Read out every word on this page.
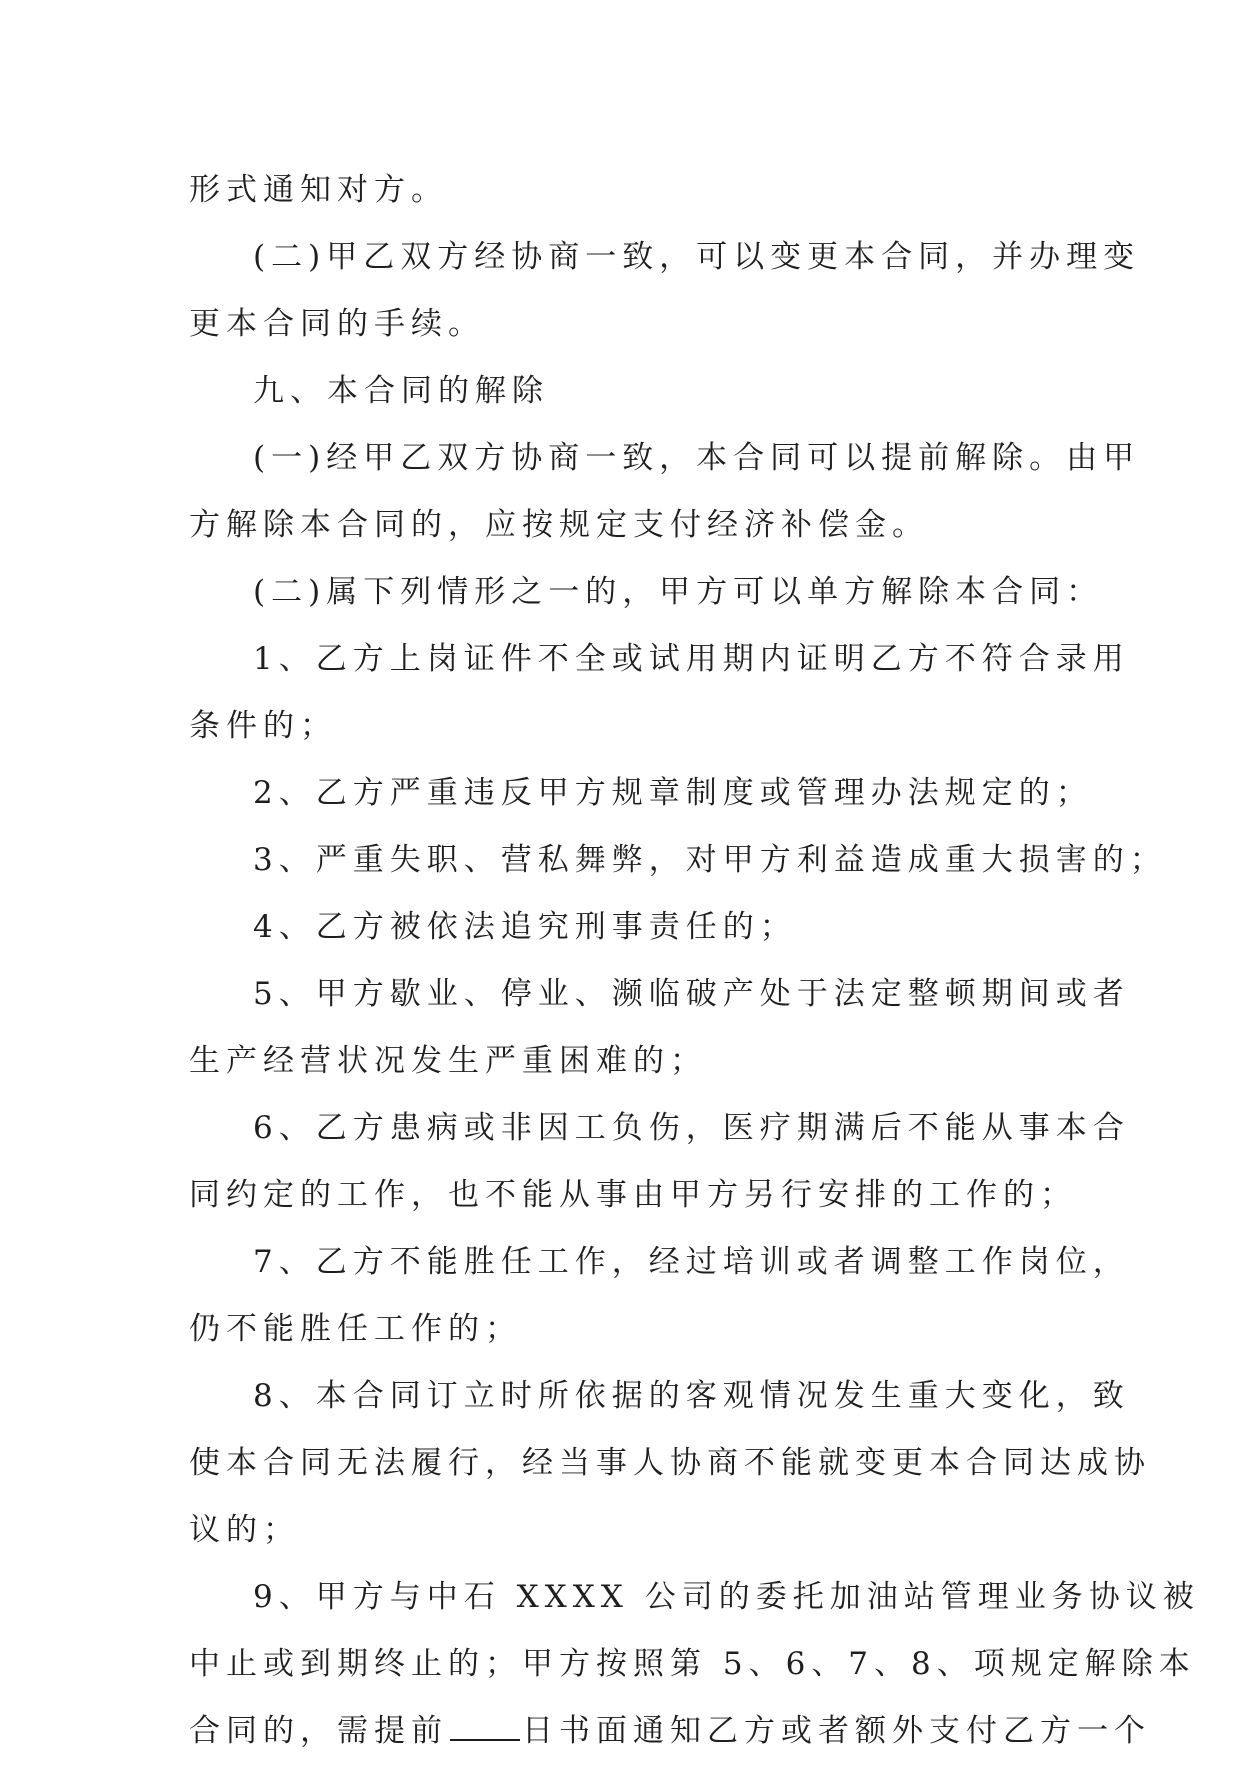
形式通知对方。
(二)甲乙双方经协商一致，可以变更本合同，并办理变
更本合同的手续。
九、本合同的解除
(一)经甲乙双方协商一致，本合同可以提前解除。由甲
方解除本合同的，应按规定支付经济补偿金。
(二)属下列情形之一的，甲方可以单方解除本合同：
1、乙方上岗证件不全或试用期内证明乙方不符合录用
条件的；
2、乙方严重违反甲方规章制度或管理办法规定的；
3、严重失职、营私舞弊，对甲方利益造成重大损害的；
4、乙方被依法追究刑事责任的；
5、甲方歇业、停业、濒临破产处于法定整顿期间或者
生产经营状况发生严重困难的；
6、乙方患病或非因工负伤，医疗期满后不能从事本合
同约定的工作，也不能从事由甲方另行安排的工作的；
7、乙方不能胜任工作，经过培训或者调整工作岗位，
仍不能胜任工作的；
8、本合同订立时所依据的客观情况发生重大变化，致
使本合同无法履行，经当事人协商不能就变更本合同达成协
议的；
9、甲方与中石 XXXX 公司的委托加油站管理业务协议被
中止或到期终止的；甲方按照第 5、6、7、8、项规定解除本
合同的，需提前 日书面通知乙方或者额外支付乙方一个
